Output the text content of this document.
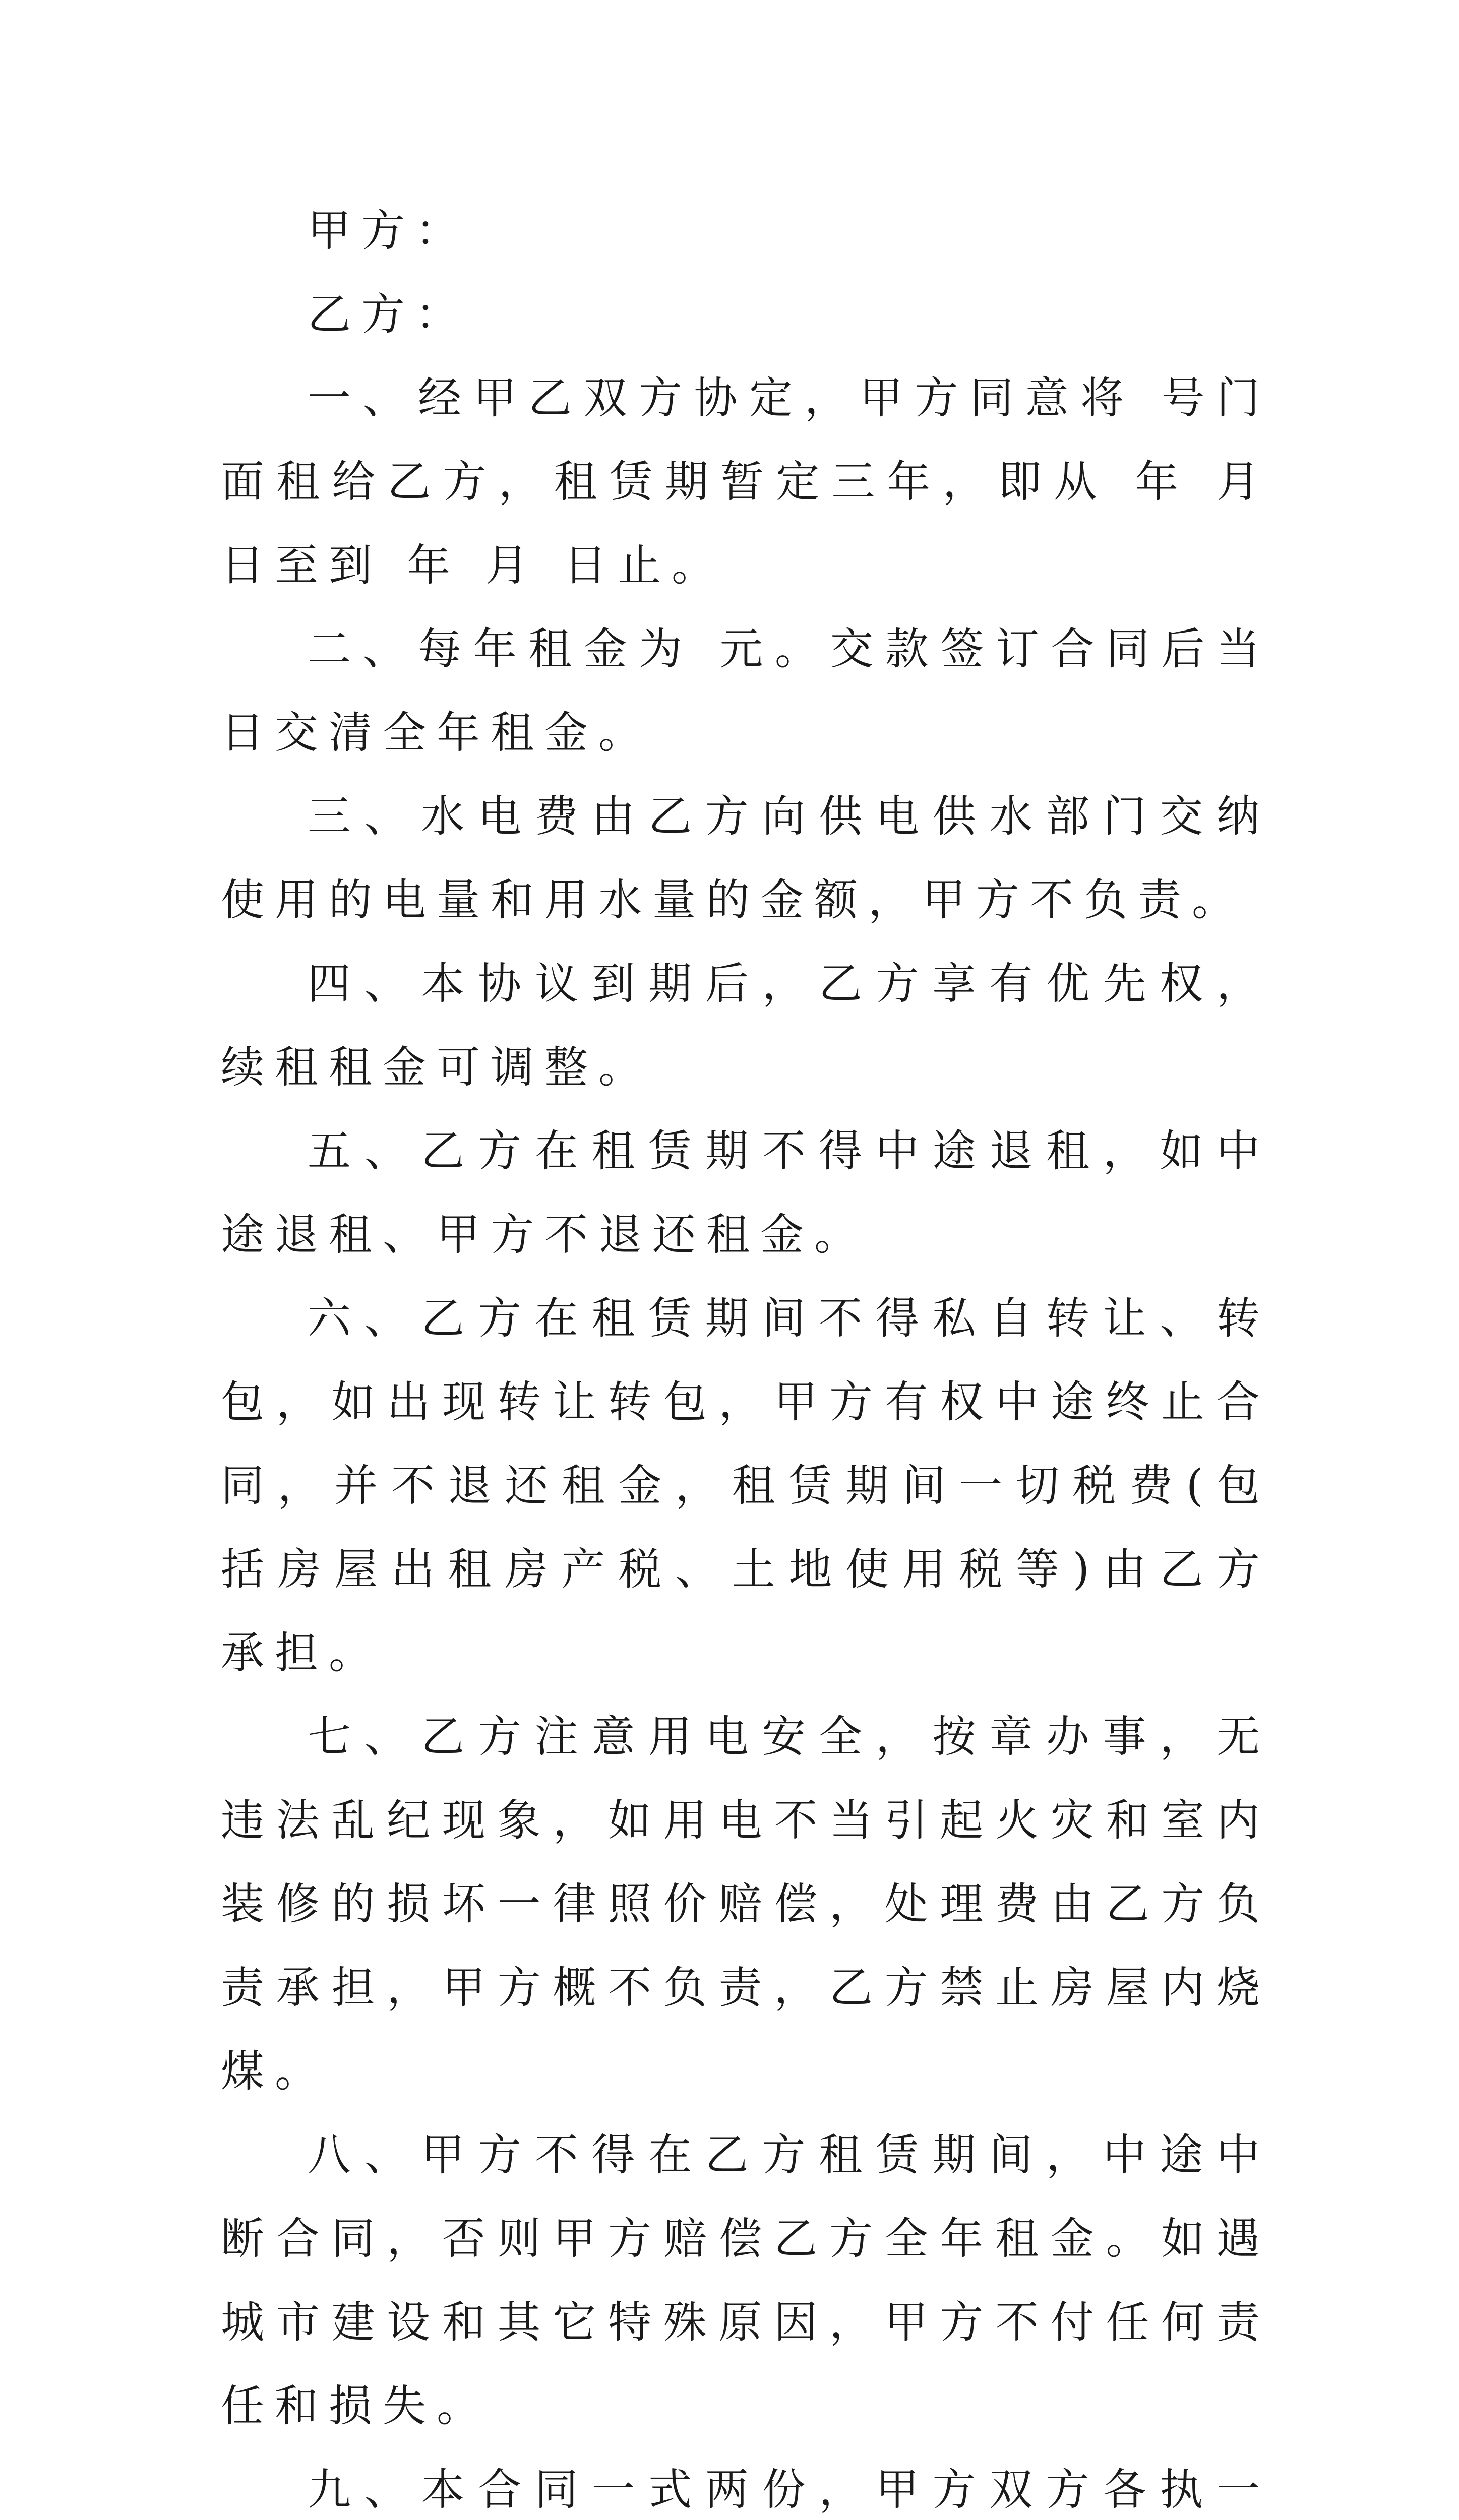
甲方：

乙方：

一、经甲乙双方协定，甲方同意将 号门面租给乙方，租赁期暂定三年，即从 年 月 日至到 年 月 日止。

二、每年租金为 元。交款签订合同后当日交清全年租金。

三、水电费由乙方向供电供水部门交纳使用的电量和用水量的金额，甲方不负责。

四、本协议到期后，乙方享有优先权，续租租金可调整。

五、乙方在租赁期不得中途退租，如中途退租、甲方不退还租金。

六、乙方在租赁期间不得私自转让、转包，如出现转让转包，甲方有权中途终止合同，并不退还租金，租赁期间一切税费(包括房屋出租房产税、土地使用税等)由乙方承担。

七、乙方注意用电安全，按章办事，无违法乱纪现象，如用电不当引起火灾和室内装修的损坏一律照价赔偿，处理费由乙方负责承担，甲方概不负责，乙方禁止房屋内烧煤。

八、甲方不得在乙方租赁期间，中途中断合同，否则甲方赔偿乙方全年租金。如遇城市建设和其它特殊原因，甲方不付任何责任和损失。

九、本合同一式两份，甲方双方各执一
